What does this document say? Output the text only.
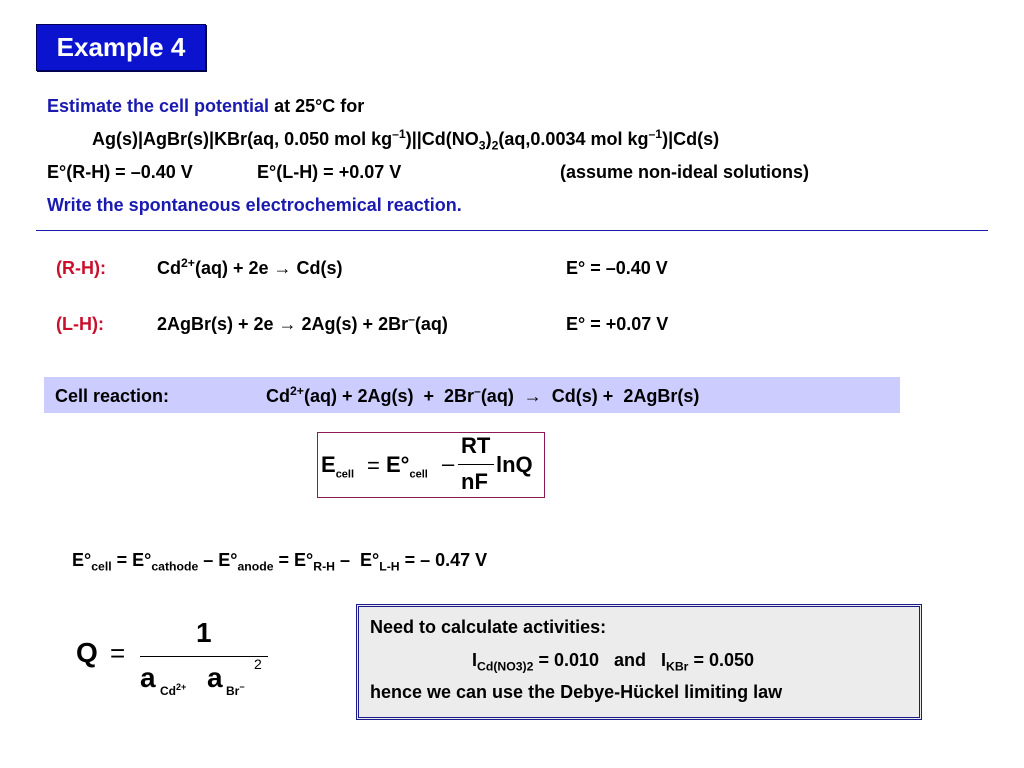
Example 4
Estimate the cell potential at 25°C for
Ag(s)|AgBr(s)|KBr(aq, 0.050 mol $kg^{-1})||Cd(NO_3)_2(aq,0.0034$ mol $kg^{-1})|Cd(s)$
E°(R-H) = –0.40 V	E°(L-H) = +0.07 V	(assume non-ideal solutions)
Write the spontaneous electrochemical reaction.
(R-H):	$Cd^{2+}(aq) + 2e \to Cd(s)$	E° = –0.40 V
(L-H):	2AgBr(s) + 2e → 2Ag(s) + 2Br–(aq)	E° = +0.07 V
Cell reaction:	$Cd^{2+}(aq) + 2Ag(s) + 2Br^-(aq) \to Cd(s)$ +  2AgBr(s)
$E_{cell} = E^\circ_{cell}$ –
RT
nF
lnQ
$E^\circ_{cell} = E^\circ_{cathode} - E^\circ_{anode} = E^\circ_{R-H} - E^\circ_{L-H}$ = – 0.47 V
Q =
1
a $Cd^{2+}$ a Br−
2
Need to calculate activities:
$I_{Cd(NO3)2} = 0.010$   and   $I_{KBr} = 0.050$
hence we can use the Debye-Hückel limiting law
